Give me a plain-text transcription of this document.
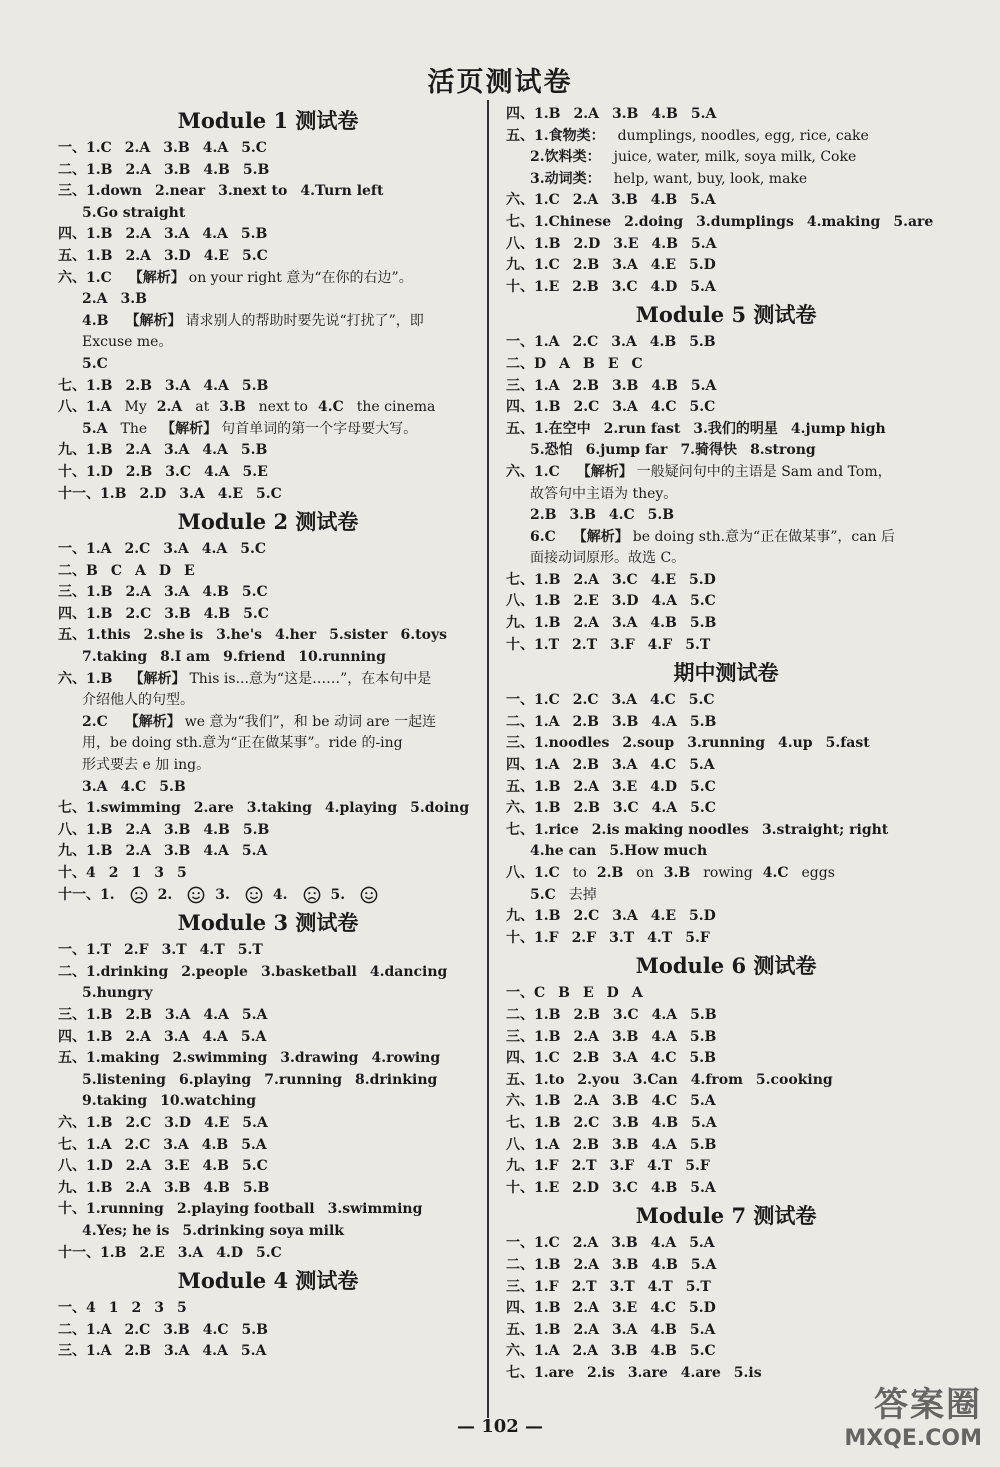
活页测试卷
Module 1 测试卷
一、1.C 2.A 3.B 4.A 5.C
二、1.B 2.A 3.B 4.B 5.B
三、1.down 2.near 3.next to 4.Turn left
5.Go straight
四、1.B 2.A 3.A 4.A 5.B
五、1.B 2.A 3.D 4.E 5.C
六、1.C 【解析】 on your right 意为“在你的右边”。
2.A 3.B
4.B 【解析】 请求别人的帮助时要先说“打扰了”，即
Excuse me。
5.C
七、1.B 2.B 3.A 4.A 5.B
八、1.A My 2.A at 3.B next to 4.C the cinema
5.A The 【解析】 句首单词的第一个字母要大写。
九、1.B 2.A 3.A 4.A 5.B
十、1.D 2.B 3.C 4.A 5.E
十一、1.B 2.D 3.A 4.E 5.C
Module 2 测试卷
一、1.A 2.C 3.A 4.A 5.C
二、B C A D E
三、1.B 2.A 3.A 4.B 5.C
四、1.B 2.C 3.B 4.B 5.C
五、1.this 2.she is 3.he's 4.her 5.sister 6.toys
7.taking 8.I am 9.friend 10.running
六、1.B 【解析】 This is...意为“这是……”，在本句中是
介绍他人的句型。
2.C 【解析】 we 意为“我们”，和 be 动词 are 一起连
用，be doing sth.意为“正在做某事”。ride 的-ing
形式要去 e 加 ing。
3.A 4.C 5.B
七、1.swimming 2.are 3.taking 4.playing 5.doing
八、1.B 2.A 3.B 4.B 5.B
九、1.B 2.A 3.B 4.A 5.A
十、4 2 1 3 5
十一、1.	2.	3.	4.	5.
Module 3 测试卷
一、1.T 2.F 3.T 4.T 5.T
二、1.drinking 2.people 3.basketball 4.dancing
5.hungry
三、1.B 2.B 3.A 4.A 5.A
四、1.B 2.A 3.A 4.A 5.A
五、1.making 2.swimming 3.drawing 4.rowing
5.listening 6.playing 7.running 8.drinking
9.taking 10.watching
六、1.B 2.C 3.D 4.E 5.A
七、1.A 2.C 3.A 4.B 5.A
八、1.D 2.A 3.E 4.B 5.C
九、1.B 2.A 3.B 4.B 5.B
十、1.running 2.playing football 3.swimming
4.Yes; he is 5.drinking soya milk
十一、1.B 2.E 3.A 4.D 5.C
Module 4 测试卷
一、4 1 2 3 5
二、1.A 2.C 3.B 4.C 5.B
三、1.A 2.B 3.A 4.A 5.A
四、1.B 2.A 3.B 4.B 5.A
五、1.食物类： dumplings, noodles, egg, rice, cake
2.饮料类： juice, water, milk, soya milk, Coke
3.动词类： help, want, buy, look, make
六、1.C 2.A 3.B 4.B 5.A
七、1.Chinese 2.doing 3.dumplings 4.making 5.are
八、1.B 2.D 3.E 4.B 5.A
九、1.C 2.B 3.A 4.E 5.D
十、1.E 2.B 3.C 4.D 5.A
Module 5 测试卷
一、1.A 2.C 3.A 4.B 5.B
二、D A B E C
三、1.A 2.B 3.B 4.B 5.A
四、1.B 2.C 3.A 4.C 5.C
五、1.在空中 2.run fast 3.我们的明星 4.jump high
5.恐怕 6.jump far 7.骑得快 8.strong
六、1.C 【解析】 一般疑问句中的主语是 Sam and Tom，
故答句中主语为 they。
2.B 3.B 4.C 5.B
6.C 【解析】 be doing sth.意为“正在做某事”，can 后
面接动词原形。故选 C。
七、1.B 2.A 3.C 4.E 5.D
八、1.B 2.E 3.D 4.A 5.C
九、1.B 2.A 3.A 4.B 5.B
十、1.T 2.T 3.F 4.F 5.T
期中测试卷
一、1.C 2.C 3.A 4.C 5.C
二、1.A 2.B 3.B 4.A 5.B
三、1.noodles 2.soup 3.running 4.up 5.fast
四、1.A 2.B 3.A 4.C 5.A
五、1.B 2.A 3.E 4.D 5.C
六、1.B 2.B 3.C 4.A 5.C
七、1.rice 2.is making noodles 3.straight; right
4.he can 5.How much
八、1.C to 2.B on 3.B rowing 4.C eggs
5.C 去掉
九、1.B 2.C 3.A 4.E 5.D
十、1.F 2.F 3.T 4.T 5.F
Module 6 测试卷
一、C B E D A
二、1.B 2.B 3.C 4.A 5.B
三、1.B 2.A 3.B 4.A 5.B
四、1.C 2.B 3.A 4.C 5.B
五、1.to 2.you 3.Can 4.from 5.cooking
六、1.B 2.A 3.B 4.C 5.A
七、1.B 2.C 3.B 4.B 5.A
八、1.A 2.B 3.B 4.A 5.B
九、1.F 2.T 3.F 4.T 5.F
十、1.E 2.D 3.C 4.B 5.A
Module 7 测试卷
一、1.C 2.A 3.B 4.A 5.A
二、1.B 2.A 3.B 4.B 5.A
三、1.F 2.T 3.T 4.T 5.T
四、1.B 2.A 3.E 4.C 5.D
五、1.B 2.A 3.A 4.B 5.A
六、1.A 2.A 3.B 4.B 5.C
七、1.are 2.is 3.are 4.are 5.is
— 102 —
答案圈
MXQE.COM
